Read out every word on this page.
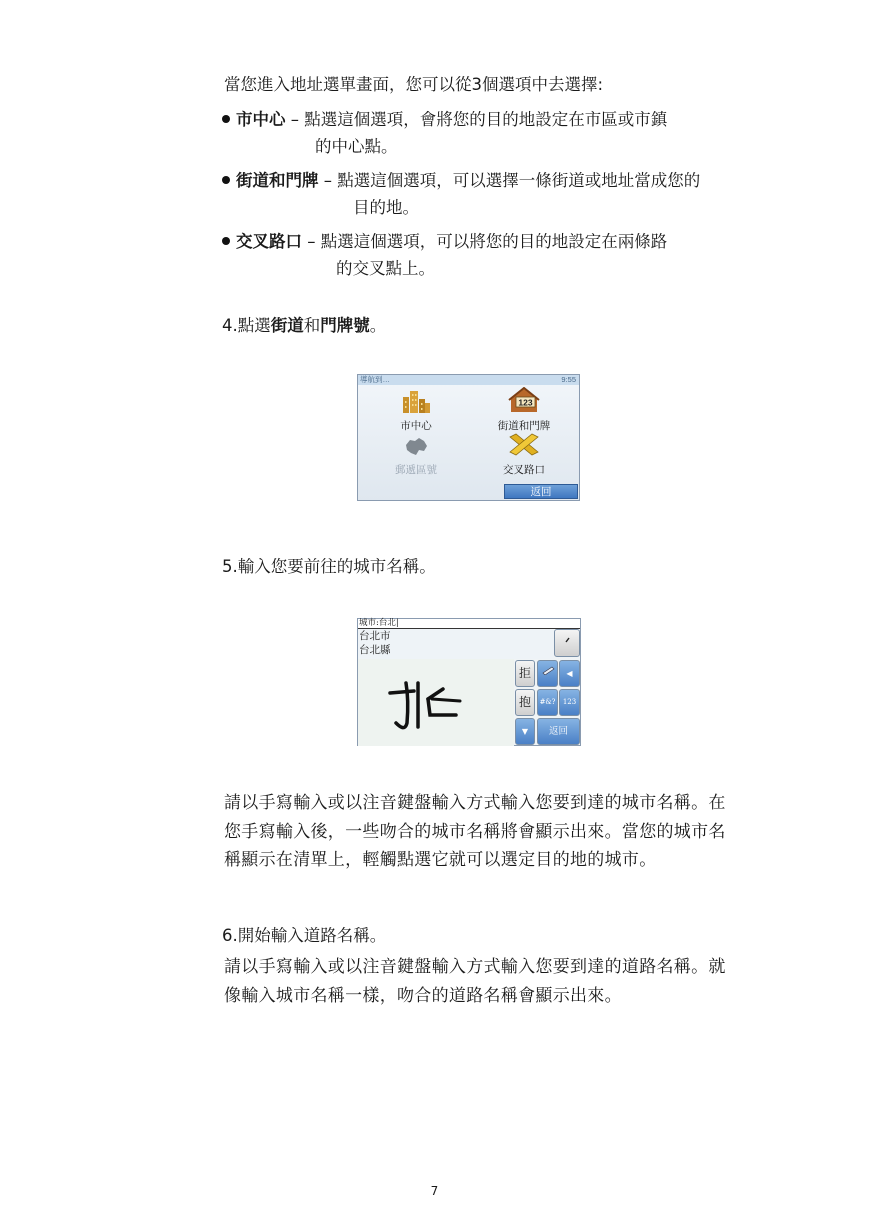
當您進入地址選單畫面，您可以從3個選項中去選擇:
市中心 – 點選這個選項，會將您的目的地設定在市區或市鎮
的中心點。
街道和門牌 – 點選這個選項，可以選擇一條街道或地址當成您的
目的地。
交叉路口 – 點選這個選項，可以將您的目的地設定在兩條路
的交叉點上。
4.點選街道和門牌號。
導航到…	9:55
市中心
123
街道和門牌
郵遞區號	交叉路口
返回
5.輸入您要前往的城市名稱。
城市:台北|
台北市
台北縣
拒
抱
▼
◀
#&?	123
返回
請以手寫輸入或以注音鍵盤輸入方式輸入您要到達的城市名稱。在您手寫輸入後，一些吻合的城市名稱將會顯示出來。當您的城市名稱顯示在清單上，輕觸點選它就可以選定目的地的城市。
6.開始輸入道路名稱。
請以手寫輸入或以注音鍵盤輸入方式輸入您要到達的道路名稱。就像輸入城市名稱一樣，吻合的道路名稱會顯示出來。
7
